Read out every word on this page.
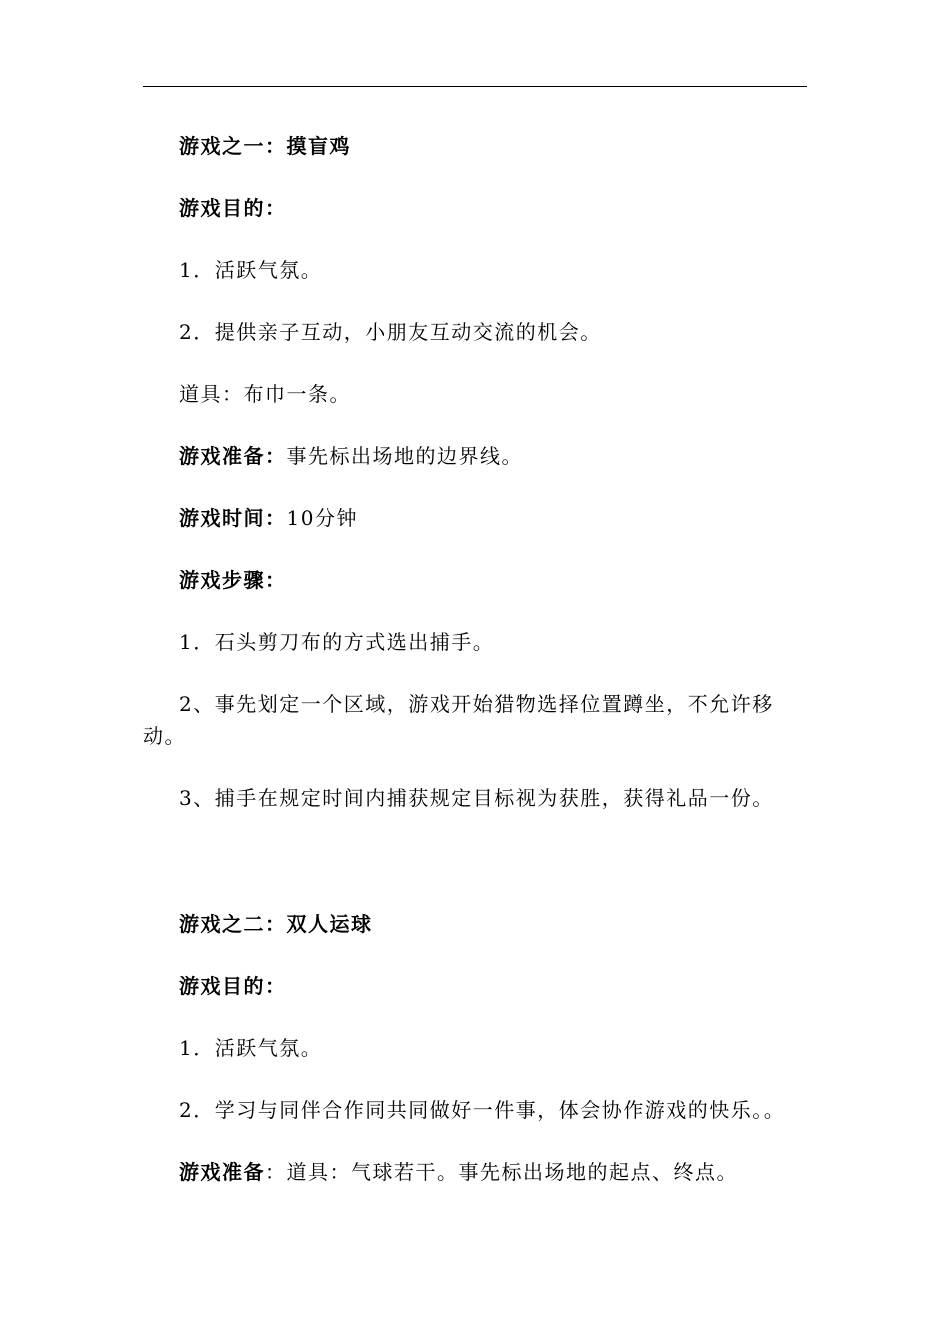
游戏之一：摸盲鸡

游戏目的：

1．活跃气氛。

2．提供亲子互动，小朋友互动交流的机会。

道具：布巾一条。

游戏准备：事先标出场地的边界线。

游戏时间：10分钟

游戏步骤：

1．石头剪刀布的方式选出捕手。

2、事先划定一个区域，游戏开始猎物选择位置蹲坐，不允许移动。

3、捕手在规定时间内捕获规定目标视为获胜，获得礼品一份。

游戏之二：双人运球

游戏目的：

1．活跃气氛。

2．学习与同伴合作同共同做好一件事，体会协作游戏的快乐。。

游戏准备：道具：气球若干。事先标出场地的起点、终点。
